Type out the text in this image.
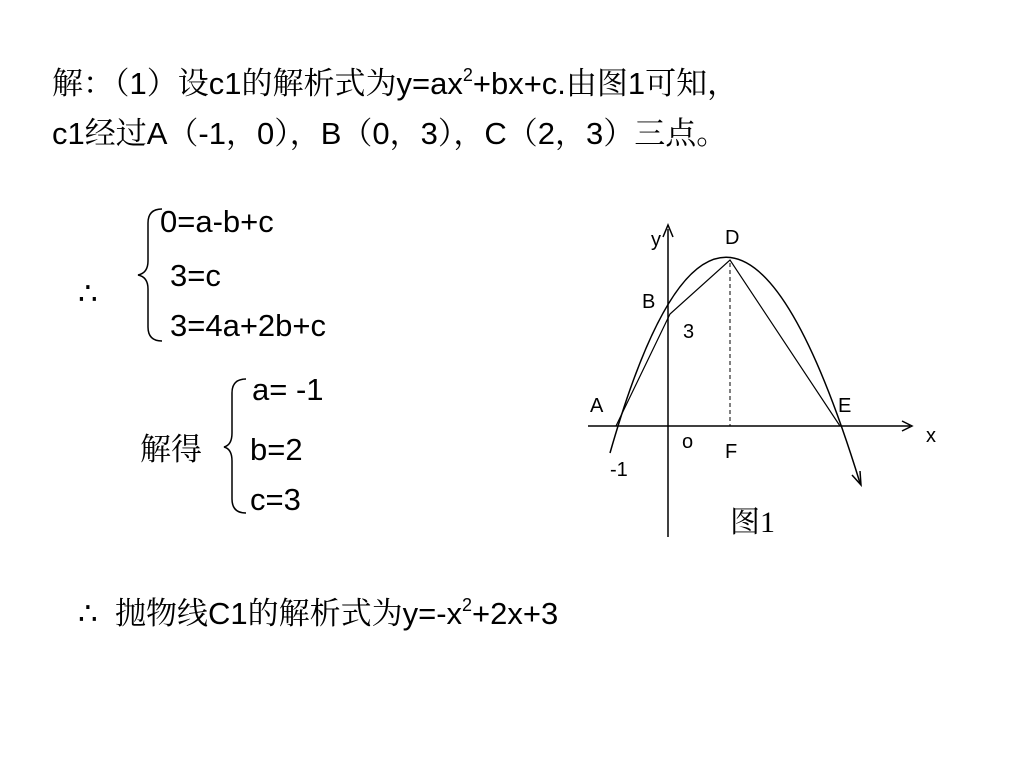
解：（1）设c1的解析式为$y=ax^2+bx+c$.由图1可知，
c1经过A（-1，0），B（0，3），C（2，3）三点。
∴
0=a-b+c
3=c
3=4a+2b+c
解得
a= -1
b=2
c=3
y	D
B
3
A	E
x
o F
-1
图1
∴ 抛物线C1的解析式为$y=-x^2+2x+3$
